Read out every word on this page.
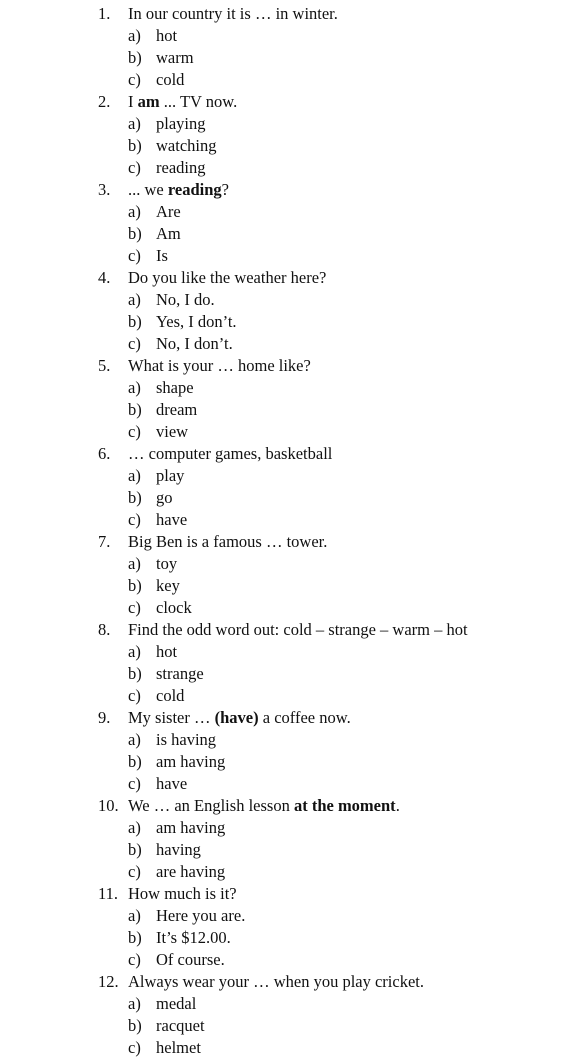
1. In our country it is … in winter.
a) hot
b) warm
c) cold
2. I am ... TV now.
a) playing
b) watching
c) reading
3. ... we reading?
a) Are
b) Am
c) Is
4. Do you like the weather here?
a) No, I do.
b) Yes, I don’t.
c) No, I don’t.
5. What is your … home like?
a) shape
b) dream
c) view
6. … computer games, basketball
a) play
b) go
c) have
7. Big Ben is a famous … tower.
a) toy
b) key
c) clock
8. Find the odd word out: cold – strange – warm – hot
a) hot
b) strange
c) cold
9. My sister … (have) a coffee now.
a) is having
b) am having
c) have
10. We … an English lesson at the moment.
a) am having
b) having
c) are having
11. How much is it?
a) Here you are.
b) It’s $12.00.
c) Of course.
12. Always wear your … when you play cricket.
a) medal
b) racquet
c) helmet
